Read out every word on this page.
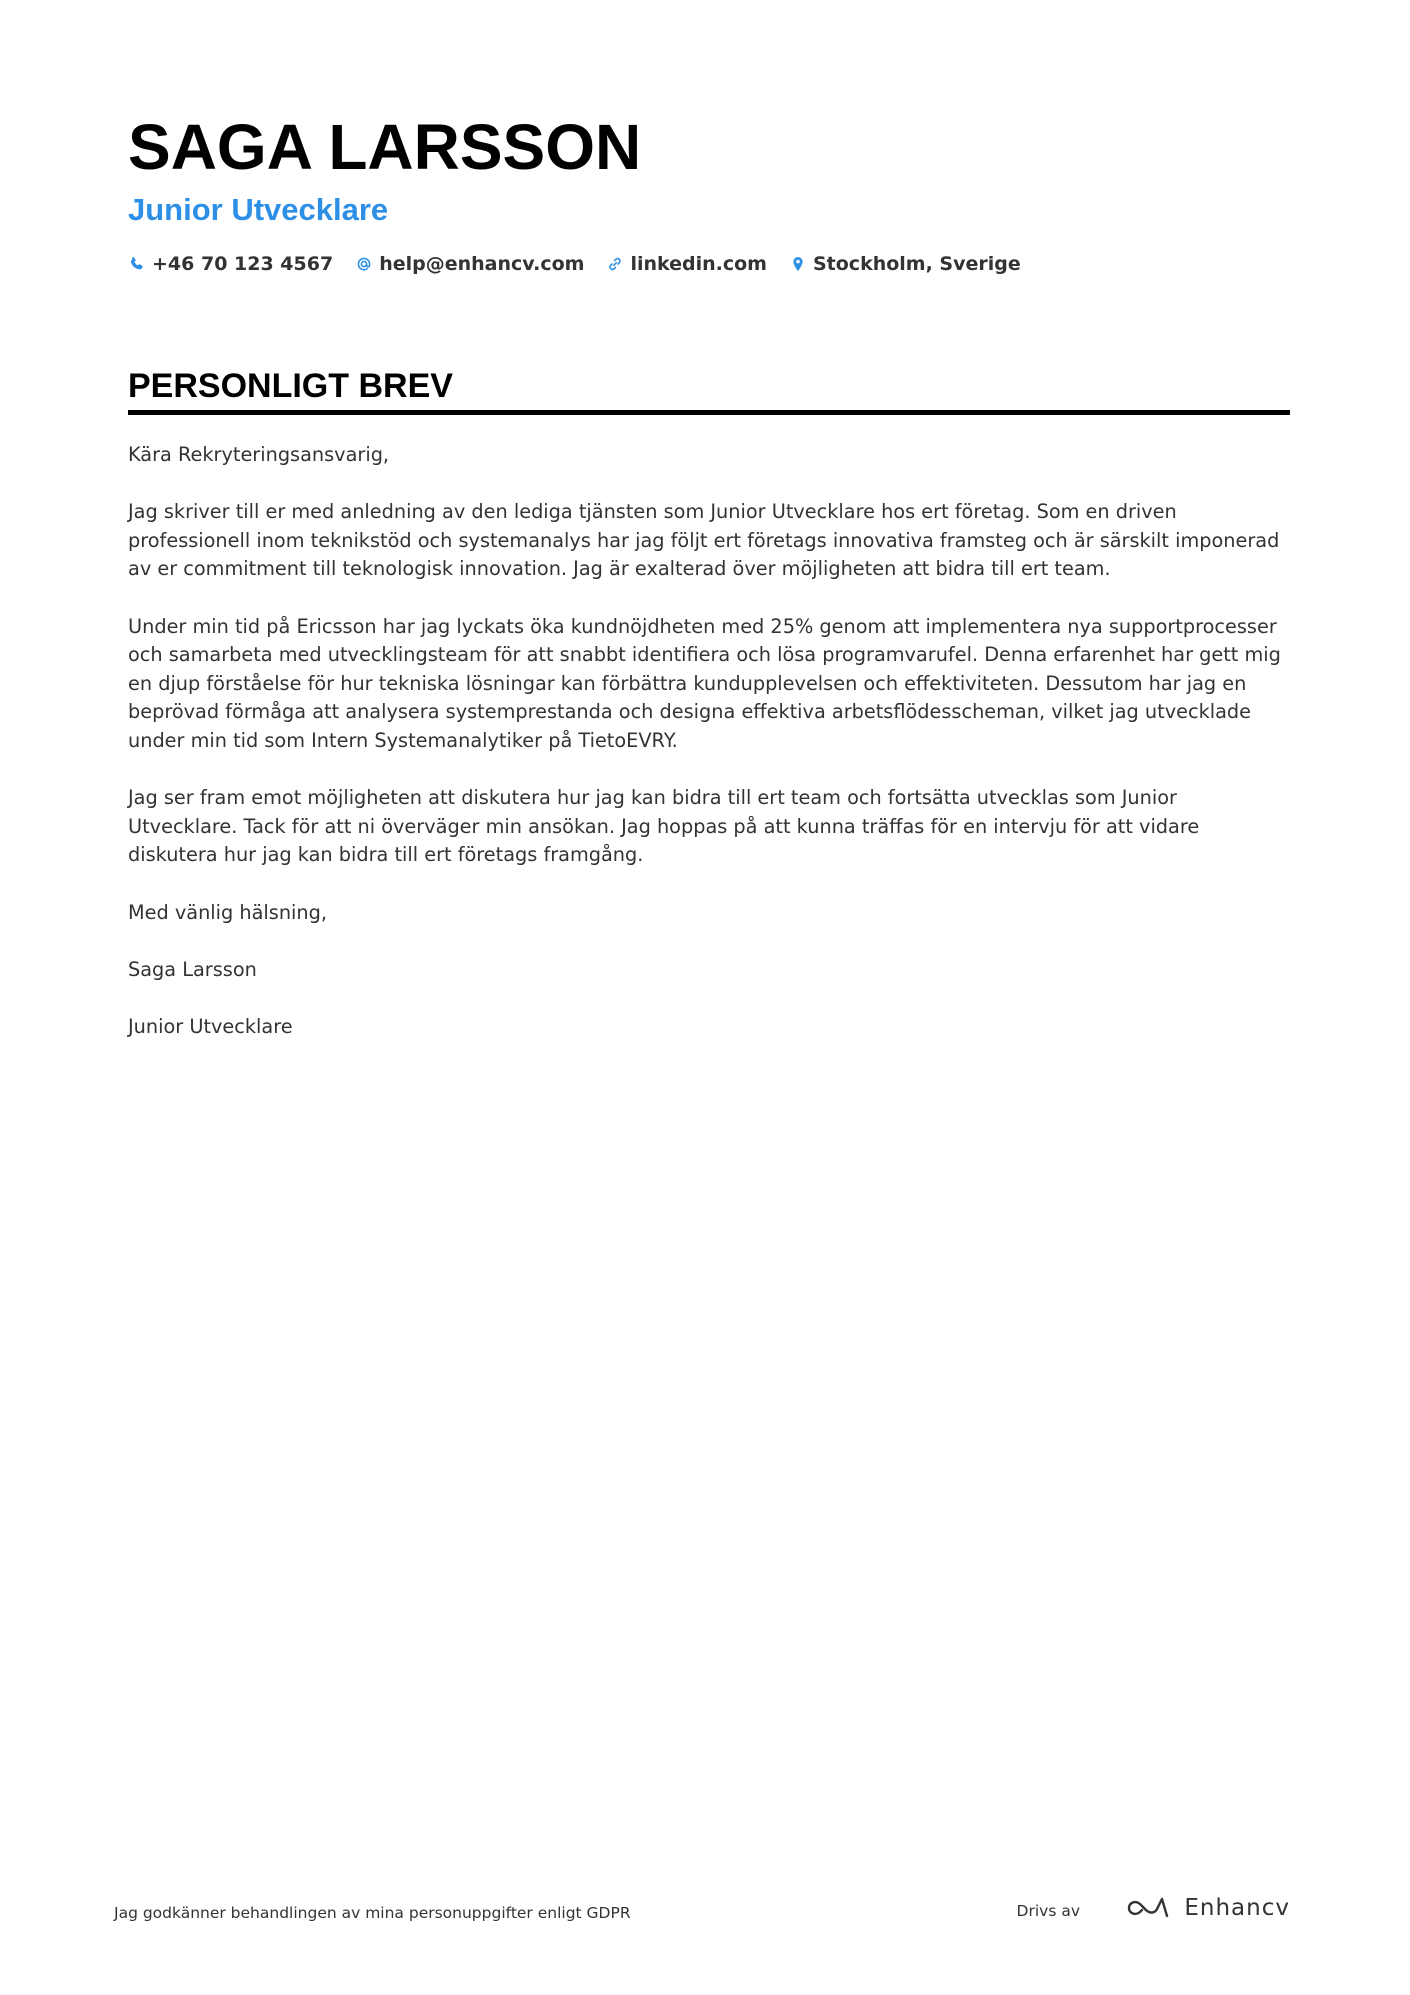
SAGA LARSSON
Junior Utvecklare
+46 70 123 4567 help@enhancv.com linkedin.com Stockholm, Sverige
PERSONLIGT BREV

Kära Rekryteringsansvarig,

Jag skriver till er med anledning av den lediga tjänsten som Junior Utvecklare hos ert företag. Som en driven professionell inom teknikstöd och systemanalys har jag följt ert företags innovativa framsteg och är särskilt imponerad av er commitment till teknologisk innovation. Jag är exalterad över möjligheten att bidra till ert team.

Under min tid på Ericsson har jag lyckats öka kundnöjdheten med 25% genom att implementera nya supportprocesser och samarbeta med utvecklingsteam för att snabbt identifiera och lösa programvarufel. Denna erfarenhet har gett mig en djup förståelse för hur tekniska lösningar kan förbättra kundupplevelsen och effektiviteten. Dessutom har jag en beprövad förmåga att analysera systemprestanda och designa effektiva arbetsflödesscheman, vilket jag utvecklade under min tid som Intern Systemanalytiker på TietoEVRY.

Jag ser fram emot möjligheten att diskutera hur jag kan bidra till ert team och fortsätta utvecklas som Junior Utvecklare. Tack för att ni överväger min ansökan. Jag hoppas på att kunna träffas för en intervju för att vidare diskutera hur jag kan bidra till ert företags framgång.

Med vänlig hälsning,

Saga Larsson

Junior Utvecklare

Jag godkänner behandlingen av mina personuppgifter enligt GDPR	Drivs av	Enhancv
